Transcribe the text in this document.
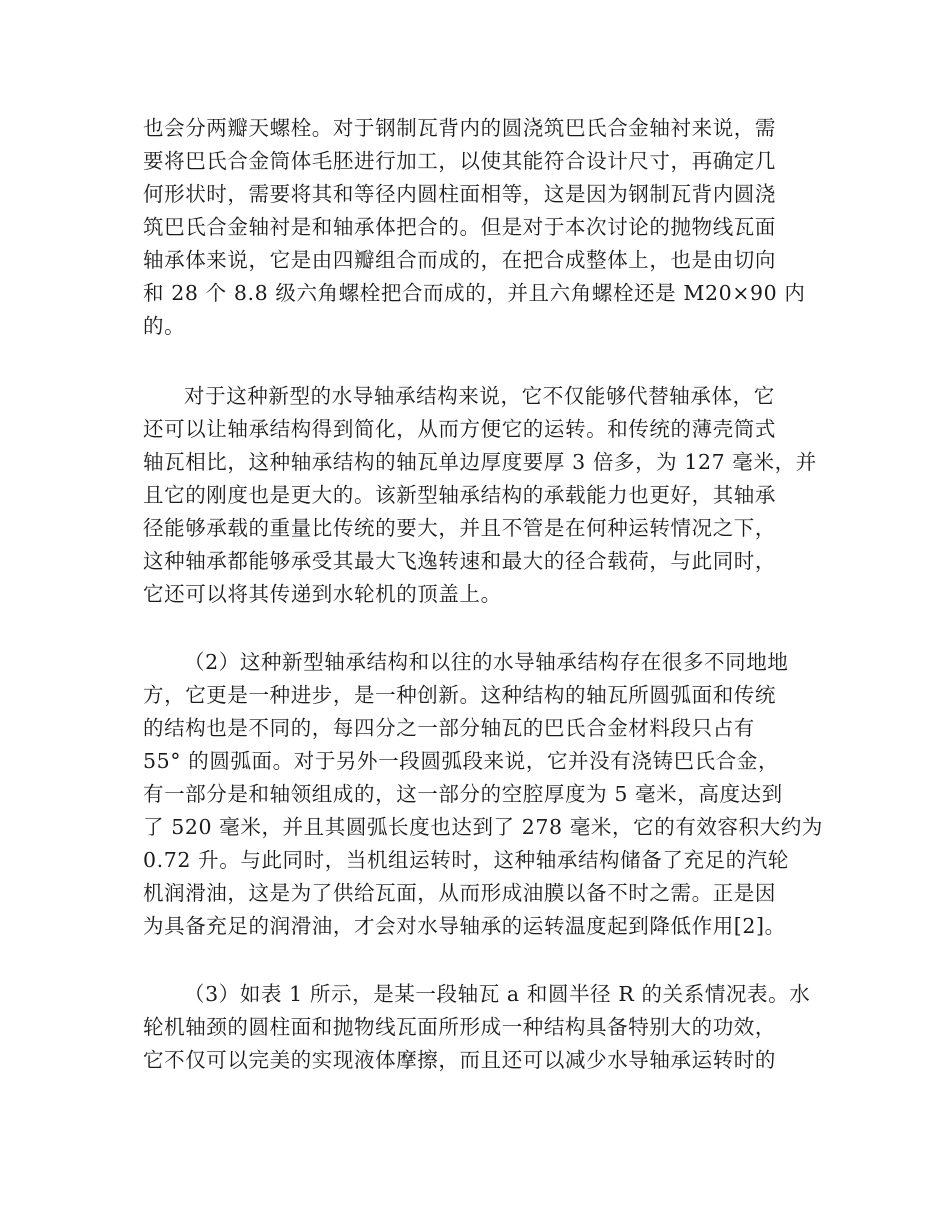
也会分两瓣天螺栓。对于钢制瓦背内的圆浇筑巴氏合金轴衬来说，需
要将巴氏合金筒体毛胚进行加工，以使其能符合设计尺寸，再确定几
何形状时，需要将其和等径内圆柱面相等，这是因为钢制瓦背内圆浇
筑巴氏合金轴衬是和轴承体把合的。但是对于本次讨论的抛物线瓦面
轴承体来说，它是由四瓣组合而成的，在把合成整体上，也是由切向
和 28 个 8.8 级六角螺栓把合而成的，并且六角螺栓还是 M20×90 内
的。
对于这种新型的水导轴承结构来说，它不仅能够代替轴承体，它
还可以让轴承结构得到简化，从而方便它的运转。和传统的薄壳筒式
轴瓦相比，这种轴承结构的轴瓦单边厚度要厚 3 倍多，为 127 毫米，并
且它的刚度也是更大的。该新型轴承结构的承载能力也更好，其轴承
径能够承载的重量比传统的要大，并且不管是在何种运转情况之下，
这种轴承都能够承受其最大飞逸转速和最大的径合载荷，与此同时，
它还可以将其传递到水轮机的顶盖上。
（2）这种新型轴承结构和以往的水导轴承结构存在很多不同地地
方，它更是一种进步，是一种创新。这种结构的轴瓦所圆弧面和传统
的结构也是不同的，每四分之一部分轴瓦的巴氏合金材料段只占有
55° 的圆弧面。对于另外一段圆弧段来说，它并没有浇铸巴氏合金，
有一部分是和轴领组成的，这一部分的空腔厚度为 5 毫米，高度达到
了 520 毫米，并且其圆弧长度也达到了 278 毫米，它的有效容积大约为
0.72 升。与此同时，当机组运转时，这种轴承结构储备了充足的汽轮
机润滑油，这是为了供给瓦面，从而形成油膜以备不时之需。正是因
为具备充足的润滑油，才会对水导轴承的运转温度起到降低作用[2]。
（3）如表 1 所示，是某一段轴瓦 a 和圆半径 R 的关系情况表。水
轮机轴颈的圆柱面和抛物线瓦面所形成一种结构具备特别大的功效，
它不仅可以完美的实现液体摩擦，而且还可以减少水导轴承运转时的
